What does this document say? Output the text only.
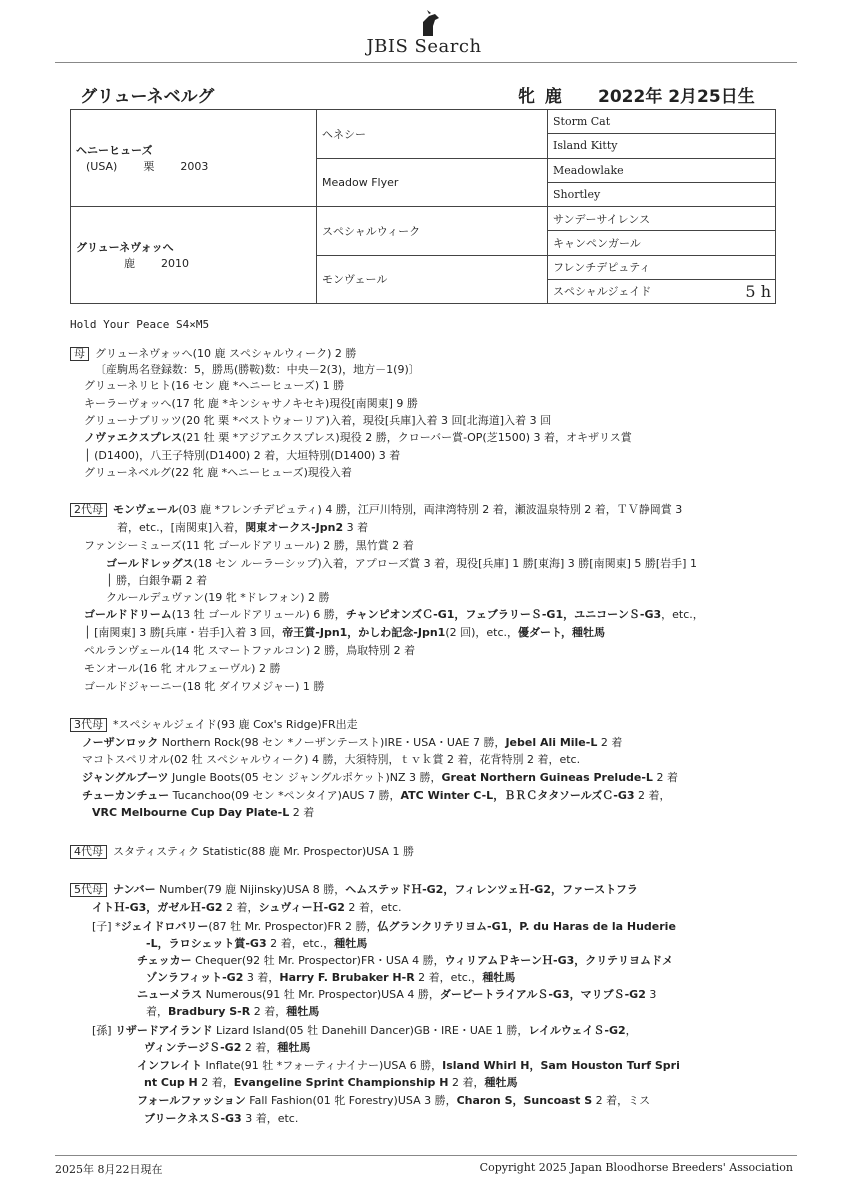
JBIS Search
グリューネベルグ	牝 鹿 2022年 2月25日生
ヘニーヒューズ
(USA) 栗 2003	ヘネシー	Storm Cat
		Island Kitty
	Meadow Flyer	Meadowlake
		Shortley

グリューネヴォッへ
鹿 2010	スペシャルウィーク	サンデーサイレンス
		キャンペンガール
	モンヴェール	フレンチデピュティ
		スペシャルジェイド 5 h
Hold Your Peace S4×M5
母 グリューネヴォッへ(10 鹿 スペシャルウィーク) 2 勝
〔産駒馬名登録数：5，勝馬(勝鞍)数：中央－2(3)，地方－1(9)〕
グリューネリヒト(16 セン 鹿 *ヘニーヒューズ) 1 勝
キーラーヴォッへ(17 牝 鹿 *キンシャサノキセキ)現役[南関東] 9 勝
グリューナブリッツ(20 牝 栗 *ベストウォーリア)入着，現役[兵庫]入着 3 回[北海道]入着 3 回
ノヴァエクスプレス(21 牡 栗 *アジアエクスプレス)現役 2 勝，クローバー賞-OP(芝1500) 3 着，オキザリス賞
│ (D1400)，八王子特別(D1400) 2 着，大垣特別(D1400) 3 着
グリューネベルグ(22 牝 鹿 *ヘニーヒューズ)現役入着
2代母 モンヴェール(03 鹿 *フレンチデピュティ) 4 勝，江戸川特別，両津湾特別 2 着，瀬波温泉特別 2 着，ＴＶ静岡賞 3
着，etc.，[南関東]入着，関東オークス-Jpn2 3 着
ファンシーミューズ(11 牝 ゴールドアリュール) 2 勝，黒竹賞 2 着
ゴールドレッグス(18 セン ルーラーシップ)入着，アプローズ賞 3 着，現役[兵庫] 1 勝[東海] 3 勝[南関東] 5 勝[岩手] 1
│ 勝，白銀争覇 2 着
クルールデュヴァン(19 牝 *ドレフォン) 2 勝
ゴールドドリーム(13 牡 ゴールドアリュール) 6 勝，チャンピオンズＣ-G1，フェブラリーＳ-G1，ユニコーンＳ-G3，etc.，
│ [南関東] 3 勝[兵庫・岩手]入着 3 回，帝王賞-Jpn1，かしわ記念-Jpn1(2 回)，etc.，優ダート，種牡馬
ペルランヴェール(14 牝 スマートファルコン) 2 勝，鳥取特別 2 着
モンオール(16 牝 オルフェーヴル) 2 勝
ゴールドジャーニー(18 牝 ダイワメジャー) 1 勝
3代母 *スペシャルジェイド(93 鹿 Cox's Ridge)FR出走
ノーザンロック Northern Rock(98 セン *ノーザンテースト)IRE・USA・UAE 7 勝，Jebel Ali Mile-L 2 着
マコトスペリオル(02 牡 スペシャルウィーク) 4 勝，大須特別，ｔｖｋ賞 2 着，花背特別 2 着，etc.
ジャングルブーツ Jungle Boots(05 セン ジャングルポケット)NZ 3 勝，Great Northern Guineas Prelude-L 2 着
チューカンチュー Tucanchoo(09 セン *ペンタイア)AUS 7 勝，ATC Winter C-L，ＢＲＣタタソールズＣ-G3 2 着，
VRC Melbourne Cup Day Plate-L 2 着
4代母 スタティスティク Statistic(88 鹿 Mr. Prospector)USA 1 勝
5代母 ナンバー Number(79 鹿 Nijinsky)USA 8 勝，ヘムステッドＨ-G2，フィレンツェＨ-G2，ファーストフラ
イトＨ-G3，ガゼルＨ-G2 2 着，シュヴィーＨ-G2 2 着，etc.
[子] *ジェイドロバリー(87 牡 Mr. Prospector)FR 2 勝，仏グランクリテリヨム-G1，P. du Haras de la Huderie
-L，ラロシェット賞-G3 2 着，etc.，種牡馬
チェッカー Chequer(92 牡 Mr. Prospector)FR・USA 4 勝，ウィリアムＰキーンＨ-G3，クリテリヨムドメ
ゾンラフィット-G2 3 着，Harry F. Brubaker H-R 2 着，etc.，種牡馬
ニューメラス Numerous(91 牡 Mr. Prospector)USA 4 勝，ダービートライアルＳ-G3，マリブＳ-G2 3
着，Bradbury S-R 2 着，種牡馬
[孫] リザードアイランド Lizard Island(05 牡 Danehill Dancer)GB・IRE・UAE 1 勝，レイルウェイＳ-G2，
ヴィンテージＳ-G2 2 着，種牡馬
インフレイト Inflate(91 牡 *フォーティナイナー)USA 6 勝，Island Whirl H，Sam Houston Turf Spri
nt Cup H 2 着，Evangeline Sprint Championship H 2 着，種牡馬
フォールファッション Fall Fashion(01 牝 Forestry)USA 3 勝，Charon S，Suncoast S 2 着，ミス
ブリークネスＳ-G3 3 着，etc.
2025年 8月22日現在	Copyright 2025 Japan Bloodhorse Breeders' Association
